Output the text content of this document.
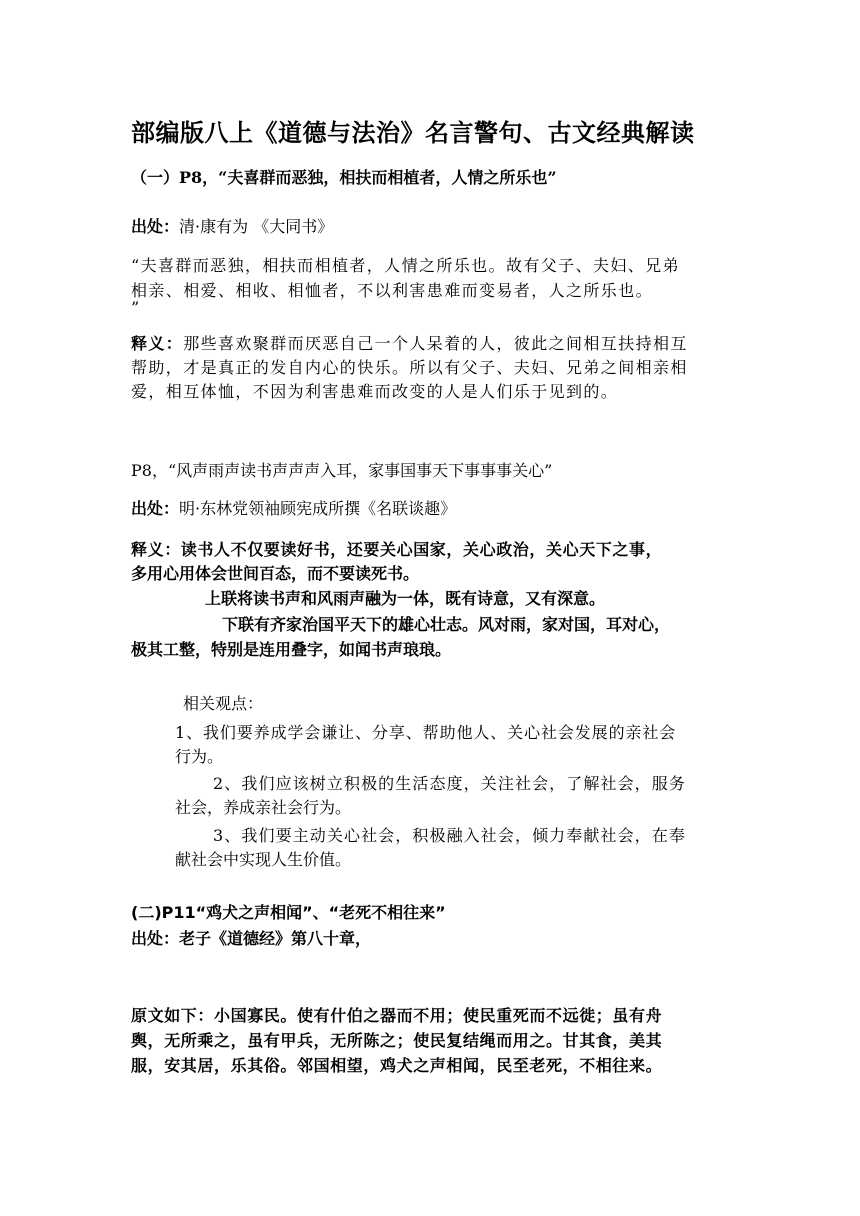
部编版八上《道德与法治》名言警句、古文经典解读

（一）P8，“夫喜群而恶独，相扶而相植者，人情之所乐也”

出处：清·康有为 《大同书》

“夫喜群而恶独，相扶而相植者，人情之所乐也。故有父子、夫妇、兄弟

相亲、相爱、相收、相恤者，不以利害患难而变易者，人之所乐也。

”

释义：那些喜欢聚群而厌恶自己一个人呆着的人，彼此之间相互扶持相互

帮助，才是真正的发自内心的快乐。所以有父子、夫妇、兄弟之间相亲相

爱，相互体恤，不因为利害患难而改变的人是人们乐于见到的。

P8，“风声雨声读书声声声入耳，家事国事天下事事事关心”

出处：明·东林党领袖顾宪成所撰《名联谈趣》

释义：读书人不仅要读好书，还要关心国家，关心政治，关心天下之事，

多用心用体会世间百态，而不要读死书。

上联将读书声和风雨声融为一体，既有诗意，又有深意。

下联有齐家治国平天下的雄心壮志。风对雨，家对国，耳对心，

极其工整，特别是连用叠字，如闻书声琅琅。

相关观点：

1、我们要养成学会谦让、分享、帮助他人、关心社会发展的亲社会

行为。

2、我们应该树立积极的生活态度，关注社会，了解社会，服务

社会，养成亲社会行为。

3、我们要主动关心社会，积极融入社会，倾力奉献社会，在奉

献社会中实现人生价值。

(二)P11“鸡犬之声相闻”、“老死不相往来”

出处：老子《道德经》第八十章，

原文如下：小国寡民。使有什伯之器而不用；使民重死而不远徙；虽有舟

舆，无所乘之，虽有甲兵，无所陈之；使民复结绳而用之。甘其食，美其

服，安其居，乐其俗。邻国相望，鸡犬之声相闻，民至老死，不相往来。
